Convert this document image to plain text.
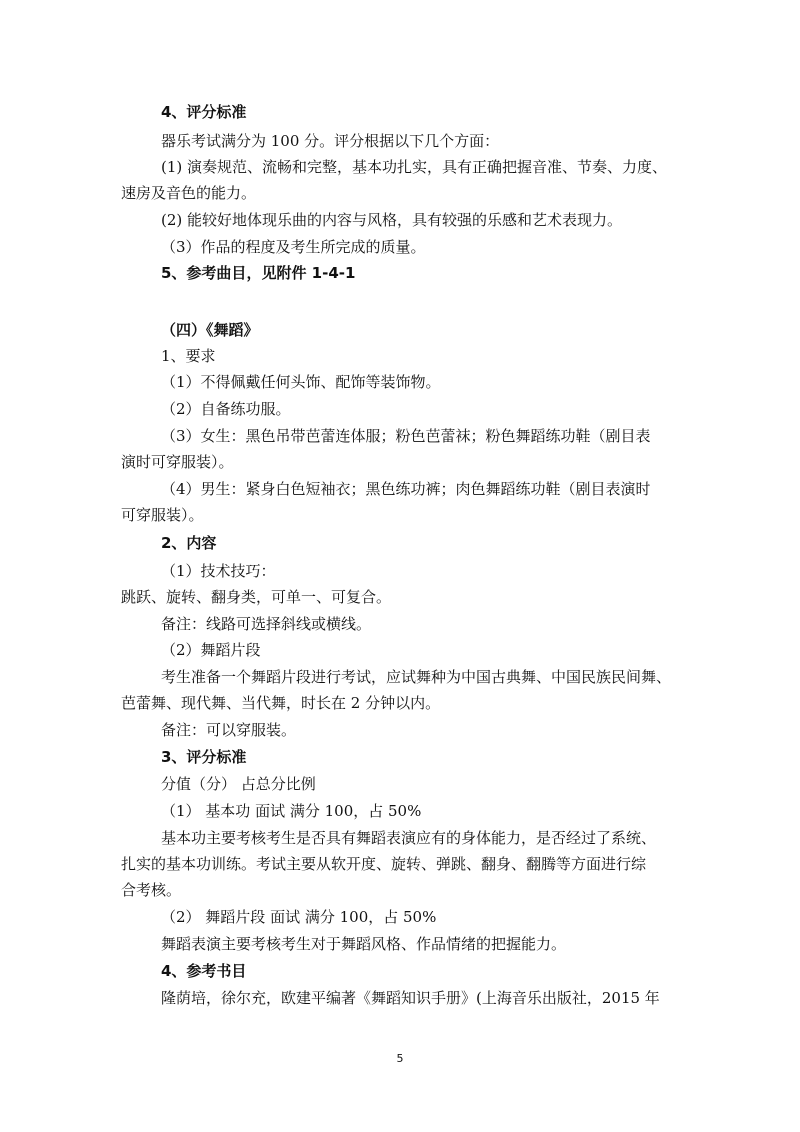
4、评分标准
器乐考试满分为 100 分。评分根据以下几个方面：
(1) 演奏规范、流畅和完整，基本功扎实，具有正确把握音准、节奏、力度、
速房及音色的能力。
(2) 能较好地体现乐曲的内容与风格，具有较强的乐感和艺术表现力。
（3）作品的程度及考生所完成的质量。
5、参考曲目，见附件 1-4-1
（四）《舞蹈》
1、要求
（1）不得佩戴任何头饰、配饰等装饰物。
（2）自备练功服。
（3）女生：黑色吊带芭蕾连体服；粉色芭蕾袜；粉色舞蹈练功鞋（剧目表
演时可穿服装）。
（4）男生：紧身白色短袖衣；黑色练功裤；肉色舞蹈练功鞋（剧目表演时
可穿服装）。
2、内容
（1）技术技巧：
跳跃、旋转、翻身类，可单一、可复合。
备注：线路可选择斜线或横线。
（2）舞蹈片段
考生准备一个舞蹈片段进行考试，应试舞种为中国古典舞、中国民族民间舞、
芭蕾舞、现代舞、当代舞，时长在 2 分钟以内。
备注：可以穿服装。
3、评分标准
分值（分） 占总分比例
（1） 基本功 面试 满分 100，占 50%
基本功主要考核考生是否具有舞蹈表演应有的身体能力，是否经过了系统、
扎实的基本功训练。考试主要从软开度、旋转、弹跳、翻身、翻腾等方面进行综
合考核。
（2） 舞蹈片段 面试 满分 100，占 50%
舞蹈表演主要考核考生对于舞蹈风格、作品情绪的把握能力。
4、参考书目
隆荫培，徐尔充，欧建平编著《舞蹈知识手册》(上海音乐出版社，2015 年
5
